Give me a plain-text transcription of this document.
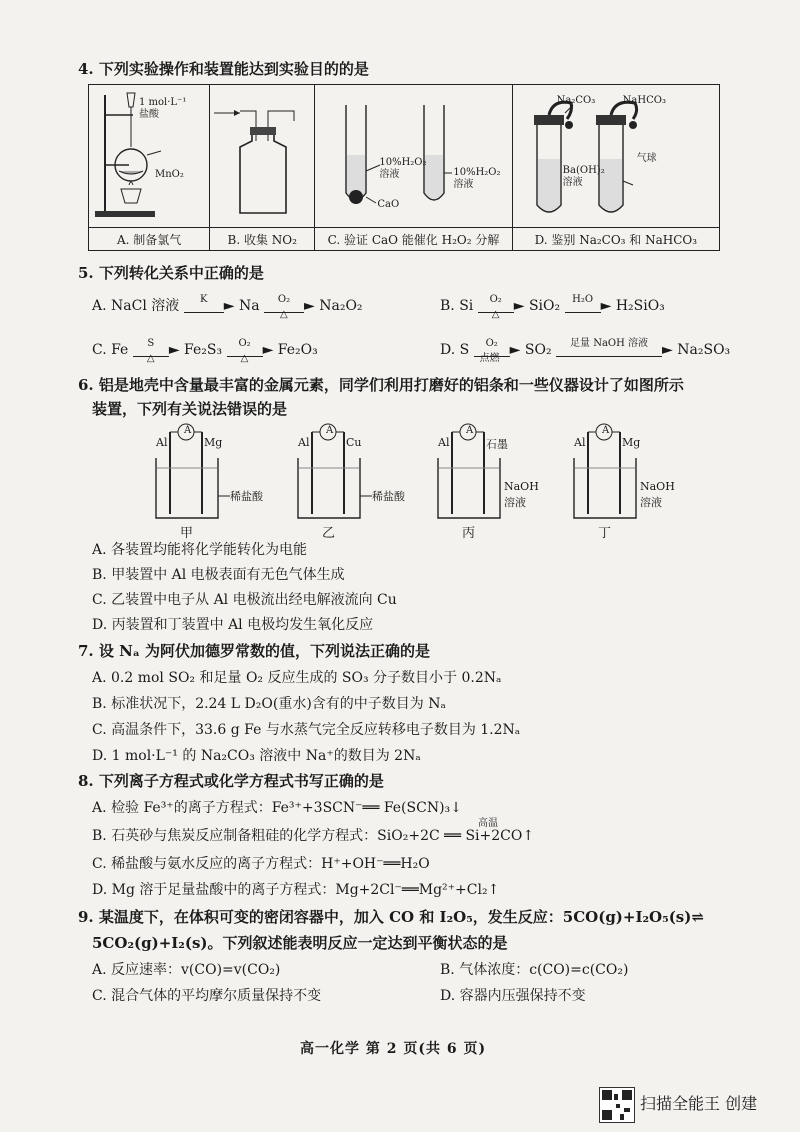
4. 下列实验操作和装置能达到实验目的的是
1 mol·L⁻¹
盐酸
MnO₂		10%H₂O₂
溶液
CaO
10%H₂O₂
溶液	Na₂CO₃ NaHCO₃
Ba(OH)₂
溶液
气球

A. 制备氯气	B. 收集 NO₂	C. 验证 CaO 能催化 H₂O₂ 分解	D. 鉴别 Na₂CO₃ 和 NaHCO₃
5. 下列转化关系中正确的是
A. NaCl 溶液 K ► Na O₂
△
► Na₂O₂	B. Si O₂
△
► SiO₂ H₂O ► H₂SiO₃
C. Fe S
△
► Fe₂S₃ O₂
△
► Fe₂O₃	D. S O₂
点燃
► SO₂ 足量 NaOH 溶液 ► Na₂SO₃
6. 铝是地壳中含量最丰富的金属元素，同学们利用打磨好的铝条和一些仪器设计了如图所示
装置，下列有关说法错误的是
A
Al	Mg
稀盐酸
甲
A
Al	Cu
稀盐酸
乙
A
Al	石墨
NaOH
溶液
丙
A
Al	Mg
NaOH
溶液
丁
A. 各装置均能将化学能转化为电能
B. 甲装置中 Al 电极表面有无色气体生成
C. 乙装置中电子从 Al 电极流出经电解液流向 Cu
D. 丙装置和丁装置中 Al 电极均发生氧化反应
7. 设 Nₐ 为阿伏加德罗常数的值，下列说法正确的是
A. 0.2 mol SO₂ 和足量 O₂ 反应生成的 SO₃ 分子数目小于 0.2Nₐ
B. 标准状况下，2.24 L D₂O(重水)含有的中子数目为 Nₐ
C. 高温条件下，33.6 g Fe 与水蒸气完全反应转移电子数目为 1.2Nₐ
D. 1 mol·L⁻¹ 的 Na₂CO₃ 溶液中 Na⁺的数目为 2Nₐ
8. 下列离子方程式或化学方程式书写正确的是
A. 检验 Fe³⁺的离子方程式：Fe³⁺+3SCN⁻══ Fe(SCN)₃↓
B. 石英砂与焦炭反应制备粗硅的化学方程式：SiO₂+2C ══ Si+2CO↑
高温
C. 稀盐酸与氨水反应的离子方程式：H⁺+OH⁻══H₂O
D. Mg 溶于足量盐酸中的离子方程式：Mg+2Cl⁻══Mg²⁺+Cl₂↑
9. 某温度下，在体积可变的密闭容器中，加入 CO 和 I₂O₅，发生反应：5CO(g)+I₂O₅(s)⇌
5CO₂(g)+I₂(s)。下列叙述能表明反应一定达到平衡状态的是
A. 反应速率：v(CO)=v(CO₂)	B. 气体浓度：c(CO)=c(CO₂)
C. 混合气体的平均摩尔质量保持不变	D. 容器内压强保持不变
高一化学 第 2 页(共 6 页)
扫描全能王 创建
